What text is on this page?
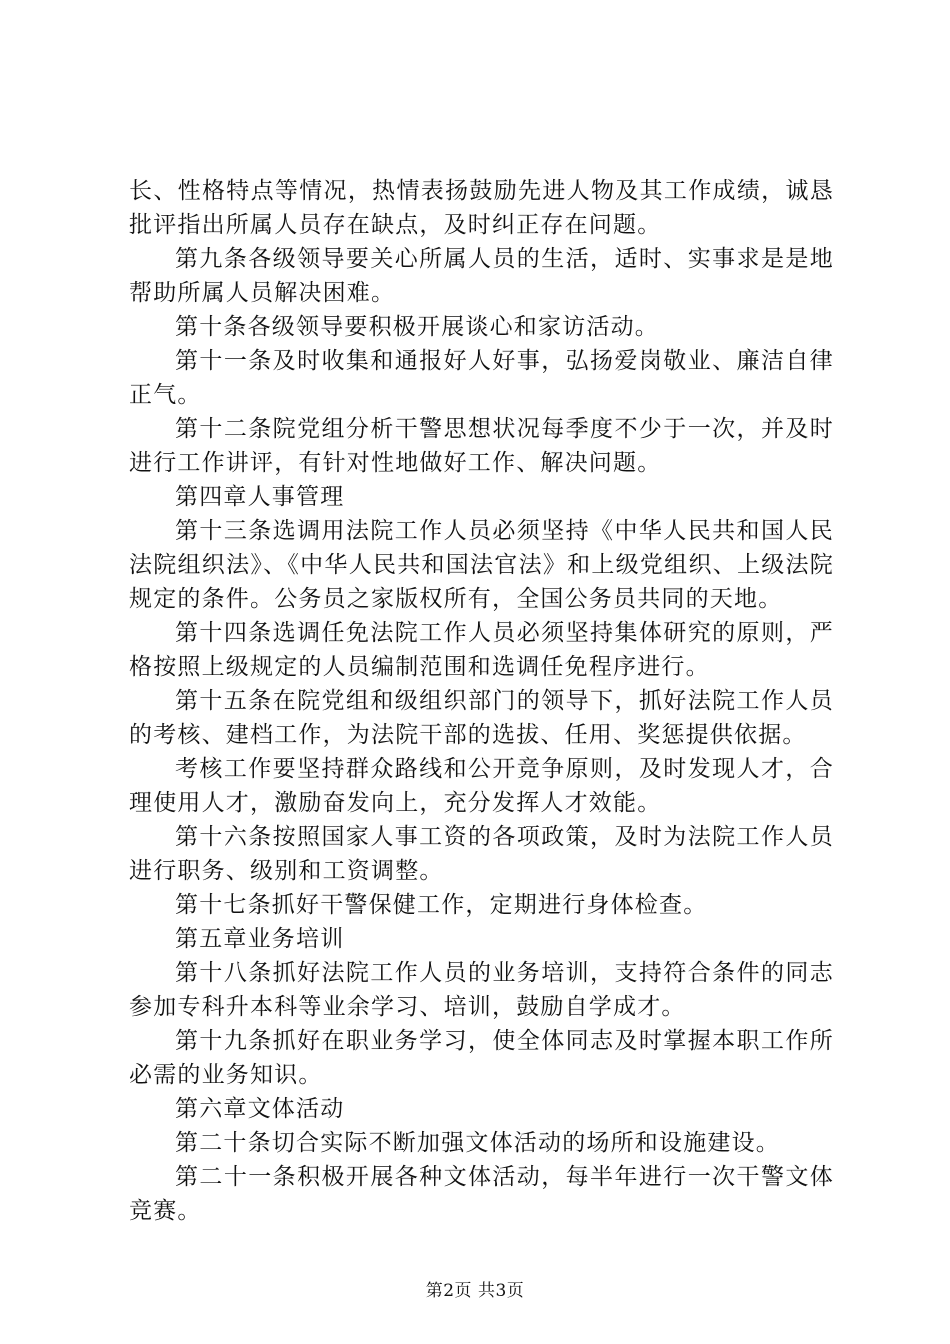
长、性格特点等情况，热情表扬鼓励先进人物及其工作成绩，诚恳批评指出所属人员存在缺点，及时纠正存在问题。

第九条各级领导要关心所属人员的生活，适时、实事求是是地帮助所属人员解决困难。

第十条各级领导要积极开展谈心和家访活动。

第十一条及时收集和通报好人好事，弘扬爱岗敬业、廉洁自律正气。

第十二条院党组分析干警思想状况每季度不少于一次，并及时进行工作讲评，有针对性地做好工作、解决问题。

第四章人事管理

第十三条选调用法院工作人员必须坚持《中华人民共和国人民法院组织法》、《中华人民共和国法官法》和上级党组织、上级法院规定的条件。公务员之家版权所有，全国公务员共同的天地。

第十四条选调任免法院工作人员必须坚持集体研究的原则，严格按照上级规定的人员编制范围和选调任免程序进行。

第十五条在院党组和级组织部门的领导下，抓好法院工作人员的考核、建档工作，为法院干部的选拔、任用、奖惩提供依据。

考核工作要坚持群众路线和公开竞争原则，及时发现人才，合理使用人才，激励奋发向上，充分发挥人才效能。

第十六条按照国家人事工资的各项政策，及时为法院工作人员进行职务、级别和工资调整。

第十七条抓好干警保健工作，定期进行身体检查。

第五章业务培训

第十八条抓好法院工作人员的业务培训，支持符合条件的同志参加专科升本科等业余学习、培训，鼓励自学成才。

第十九条抓好在职业务学习，使全体同志及时掌握本职工作所必需的业务知识。

第六章文体活动

第二十条切合实际不断加强文体活动的场所和设施建设。

第二十一条积极开展各种文体活动，每半年进行一次干警文体竞赛。

第2页 共3页
